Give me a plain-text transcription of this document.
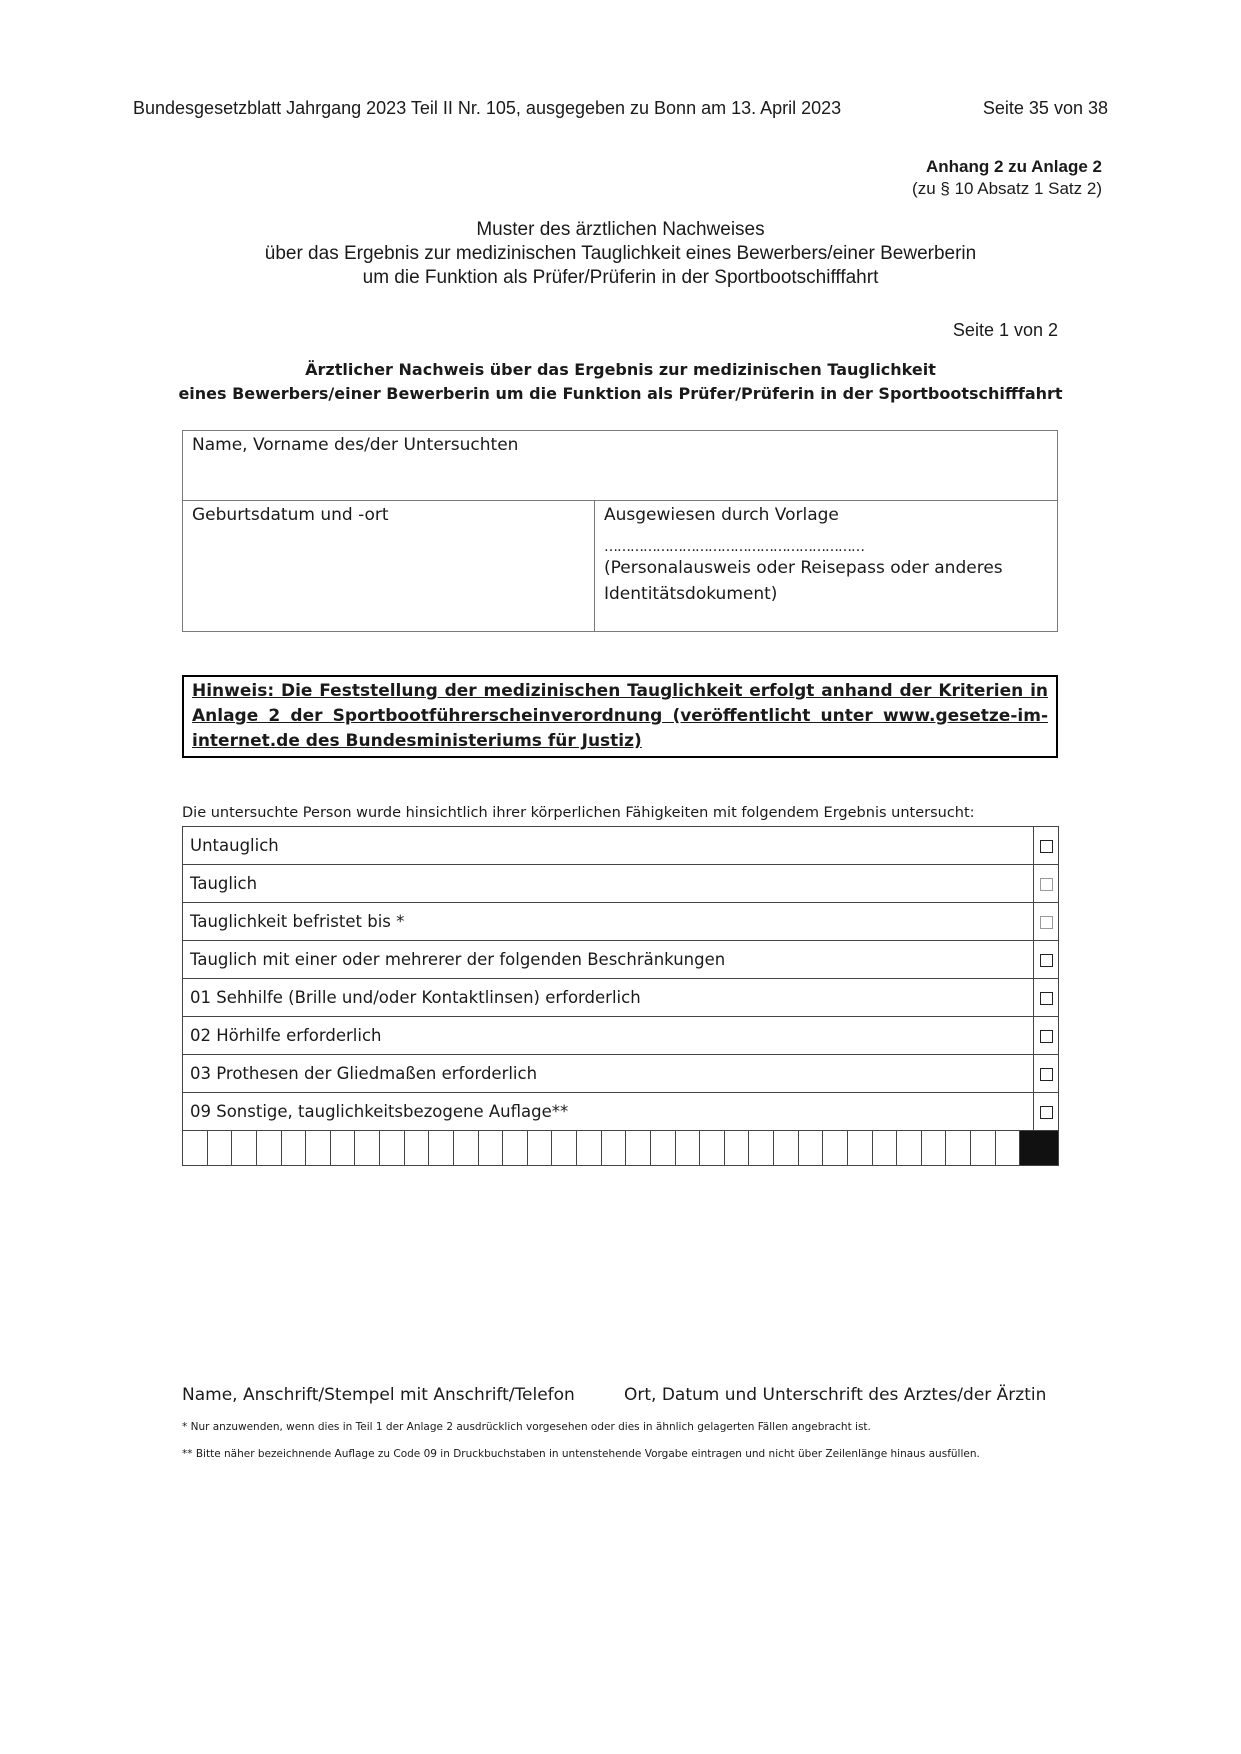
Bundesgesetzblatt Jahrgang 2023 Teil II Nr. 105, ausgegeben zu Bonn am 13. April 2023	Seite 35 von 38
Anhang 2 zu Anlage 2
(zu § 10 Absatz 1 Satz 2)
Muster des ärztlichen Nachweises
über das Ergebnis zur medizinischen Tauglichkeit eines Bewerbers/einer Bewerberin
um die Funktion als Prüfer/Prüferin in der Sportbootschifffahrt
Seite 1 von 2
Ärztlicher Nachweis über das Ergebnis zur medizinischen Tauglichkeit
eines Bewerbers/einer Bewerberin um die Funktion als Prüfer/Prüferin in der Sportbootschifffahrt
Name, Vorname des/der Untersuchten
Geburtsdatum und -ort	Ausgewiesen durch Vorlage
……………………………………………………
(Personalausweis oder Reisepass oder anderes Identitätsdokument)
Hinweis: Die Feststellung der medizinischen Tauglichkeit erfolgt anhand der Kriterien in Anlage 2 der Sportbootführerscheinverordnung (veröffentlicht unter www.gesetze-im-internet.de des Bundesministeriums für Justiz)
Die untersuchte Person wurde hinsichtlich ihrer körperlichen Fähigkeiten mit folgendem Ergebnis untersucht:
Untauglich	
Tauglich	
Tauglichkeit befristet bis *	
Tauglich mit einer oder mehrerer der folgenden Beschränkungen	
01 Sehhilfe (Brille und/oder Kontaktlinsen) erforderlich	
02 Hörhilfe erforderlich	
03 Prothesen der Gliedmaßen erforderlich	
09 Sonstige, tauglichkeitsbezogene Auflage**	
Name, Anschrift/Stempel mit Anschrift/Telefon	Ort, Datum und Unterschrift des Arztes/der Ärztin
* Nur anzuwenden, wenn dies in Teil 1 der Anlage 2 ausdrücklich vorgesehen oder dies in ähnlich gelagerten Fällen angebracht ist.
** Bitte näher bezeichnende Auflage zu Code 09 in Druckbuchstaben in untenstehende Vorgabe eintragen und nicht über Zeilenlänge hinaus ausfüllen.
